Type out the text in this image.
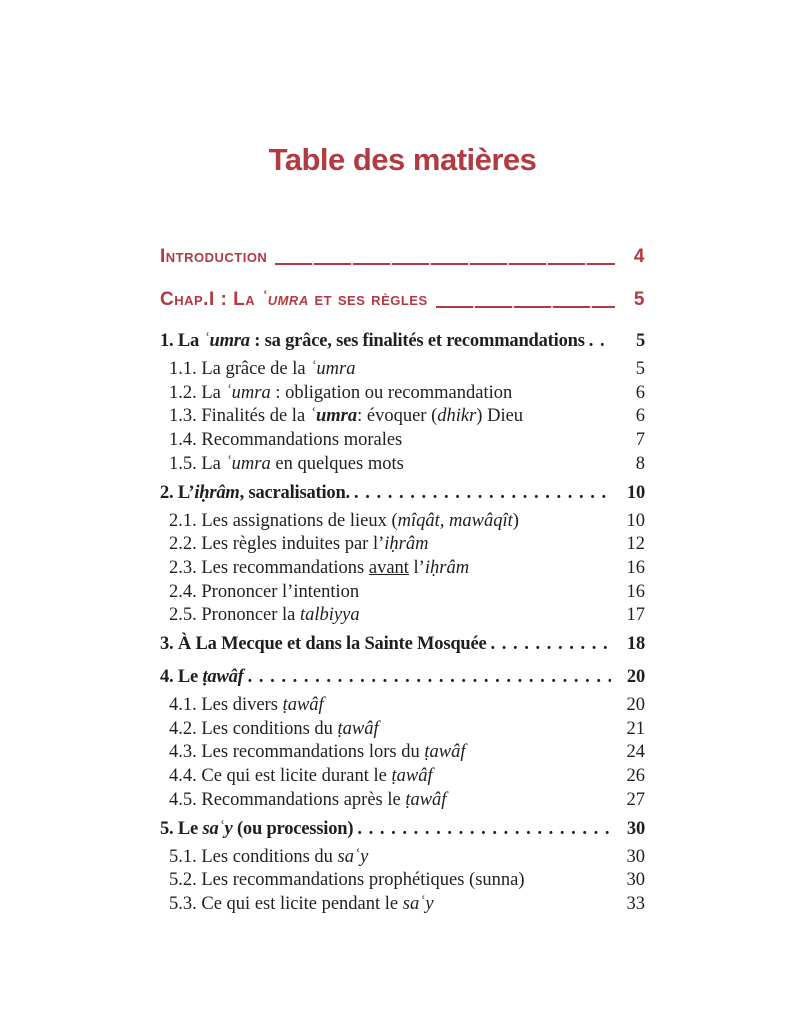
Table des matières
Introduction	4
Chap.I : La ʿumra et ses règles	5
1. La ʿumra : sa grâce, ses finalités et recommandations . . .	5
1.1. La grâce de la ʿumra	5
1.2. La ʿumra : obligation ou recommandation	6
1.3. Finalités de la ʿumra: évoquer (dhikr) Dieu	6
1.4. Recommandations morales	7
1.5. La ʿumra en quelques mots	8
2. L’iḥrâm, sacralisation. . . .	10
2.1. Les assignations de lieux (mîqât, mawâqît)	10
2.2. Les règles induites par l’iḥrâm	12
2.3. Les recommandations avant l’iḥrâm	16
2.4. Prononcer l’intention	16
2.5. Prononcer la talbiyya	17
3. À La Mecque et dans la Sainte Mosquée . . .	18
4. Le ṭawâf . . .	20
4.1. Les divers ṭawâf	20
4.2. Les conditions du ṭawâf	21
4.3. Les recommandations lors du ṭawâf	24
4.4. Ce qui est licite durant le ṭawâf	26
4.5. Recommandations après le ṭawâf	27
5. Le saʿy (ou procession) . . .	30
5.1. Les conditions du saʿy	30
5.2. Les recommandations prophétiques (sunna)	30
5.3. Ce qui est licite pendant le saʿy	33
